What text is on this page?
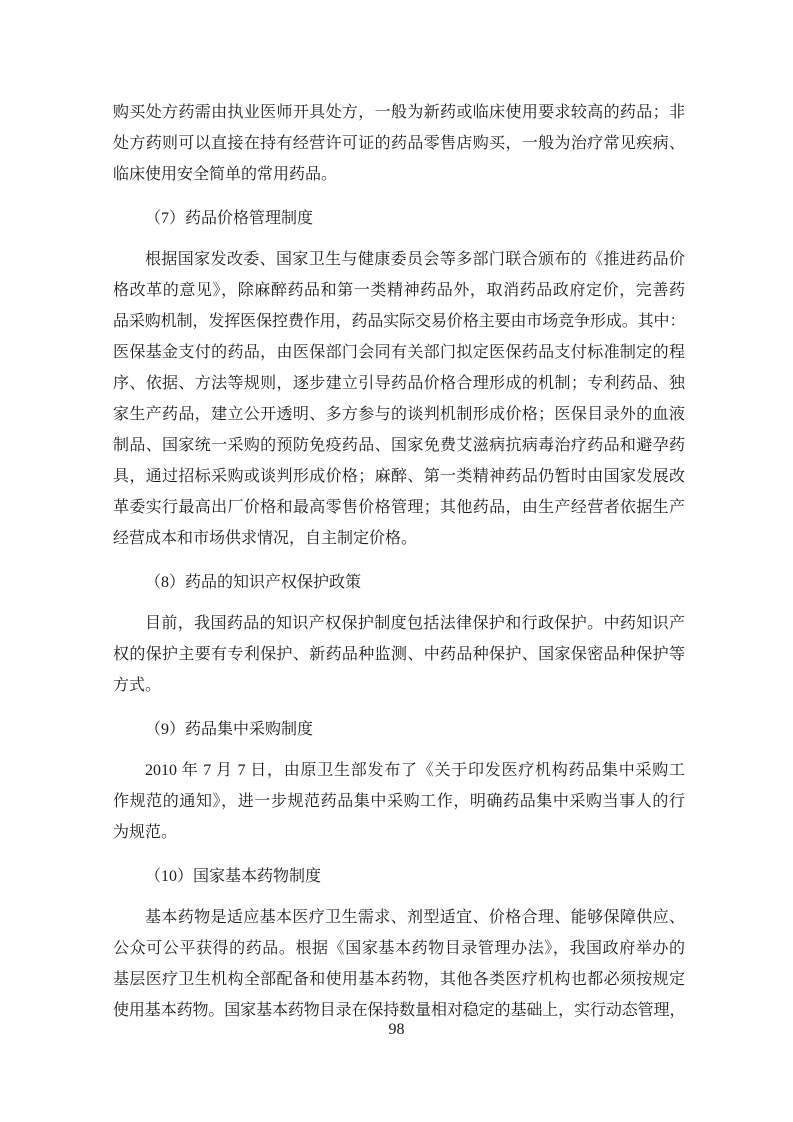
购买处方药需由执业医师开具处方，一般为新药或临床使用要求较高的药品；非
处方药则可以直接在持有经营许可证的药品零售店购买，一般为治疗常见疾病、
临床使用安全简单的常用药品。
（7）药品价格管理制度
根据国家发改委、国家卫生与健康委员会等多部门联合颁布的《推进药品价
格改革的意见》，除麻醉药品和第一类精神药品外，取消药品政府定价，完善药
品采购机制，发挥医保控费作用，药品实际交易价格主要由市场竞争形成。其中：
医保基金支付的药品，由医保部门会同有关部门拟定医保药品支付标准制定的程
序、依据、方法等规则，逐步建立引导药品价格合理形成的机制；专利药品、独
家生产药品，建立公开透明、多方参与的谈判机制形成价格；医保目录外的血液
制品、国家统一采购的预防免疫药品、国家免费艾滋病抗病毒治疗药品和避孕药
具，通过招标采购或谈判形成价格；麻醉、第一类精神药品仍暂时由国家发展改
革委实行最高出厂价格和最高零售价格管理；其他药品，由生产经营者依据生产
经营成本和市场供求情况，自主制定价格。
（8）药品的知识产权保护政策
目前，我国药品的知识产权保护制度包括法律保护和行政保护。中药知识产
权的保护主要有专利保护、新药品种监测、中药品种保护、国家保密品种保护等
方式。
（9）药品集中采购制度
2010 年 7 月 7 日，由原卫生部发布了《关于印发医疗机构药品集中采购工
作规范的通知》，进一步规范药品集中采购工作，明确药品集中采购当事人的行
为规范。
（10）国家基本药物制度
基本药物是适应基本医疗卫生需求、剂型适宜、价格合理、能够保障供应、
公众可公平获得的药品。根据《国家基本药物目录管理办法》，我国政府举办的
基层医疗卫生机构全部配备和使用基本药物，其他各类医疗机构也都必须按规定
使用基本药物。国家基本药物目录在保持数量相对稳定的基础上，实行动态管理，
98
